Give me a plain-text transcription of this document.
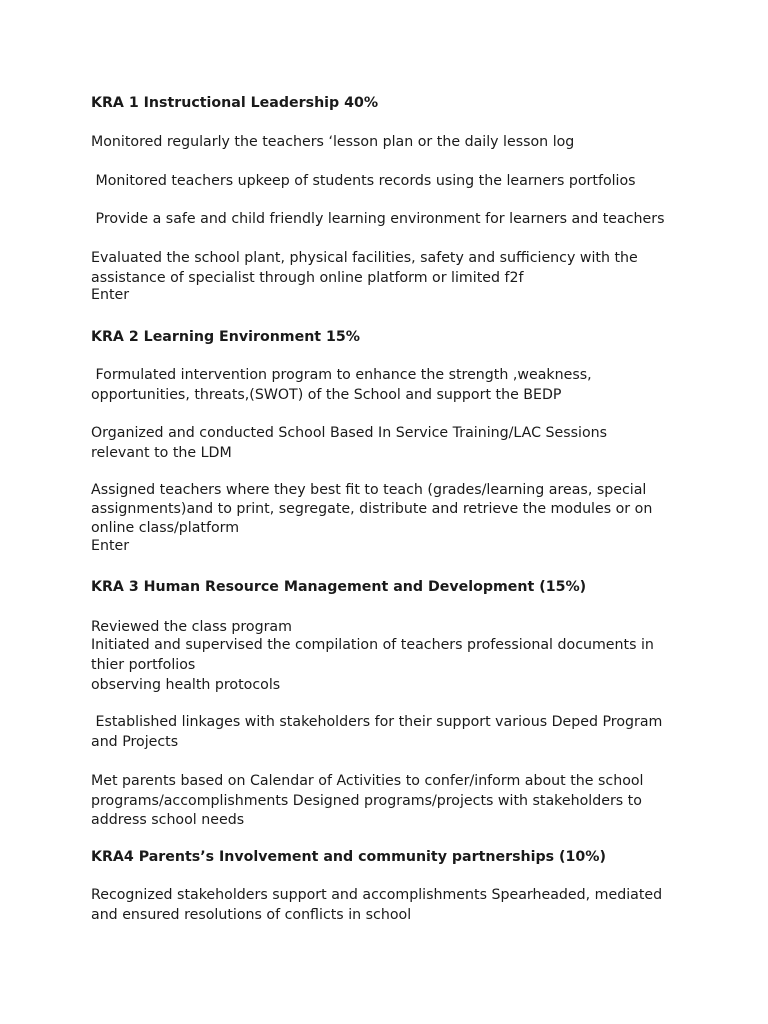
KRA 1 Instructional Leadership 40%
Monitored regularly the teachers ‘lesson plan or the daily lesson log
Monitored teachers upkeep of students records using the learners portfolios
Provide a safe and child friendly learning environment for learners and teachers
Evaluated the school plant, physical facilities, safety and sufficiency with the
assistance of specialist through online platform or limited f2f
Enter
KRA 2 Learning Environment 15%
Formulated intervention program to enhance the strength ,weakness,
opportunities, threats,(SWOT) of the School and support the BEDP
Organized and conducted School Based In Service Training/LAC Sessions
relevant to the LDM
Assigned teachers where they best fit to teach (grades/learning areas, special
assignments)and to print, segregate, distribute and retrieve the modules or on
online class/platform
Enter
KRA 3 Human Resource Management and Development (15%)
Reviewed the class program
Initiated and supervised the compilation of teachers professional documents in
thier portfolios
observing health protocols
Established linkages with stakeholders for their support various Deped Program
and Projects
Met parents based on Calendar of Activities to confer/inform about the school
programs/accomplishments Designed programs/projects with stakeholders to
address school needs
KRA4 Parents’s Involvement and community partnerships (10%)
Recognized stakeholders support and accomplishments Spearheaded, mediated
and ensured resolutions of conflicts in school
